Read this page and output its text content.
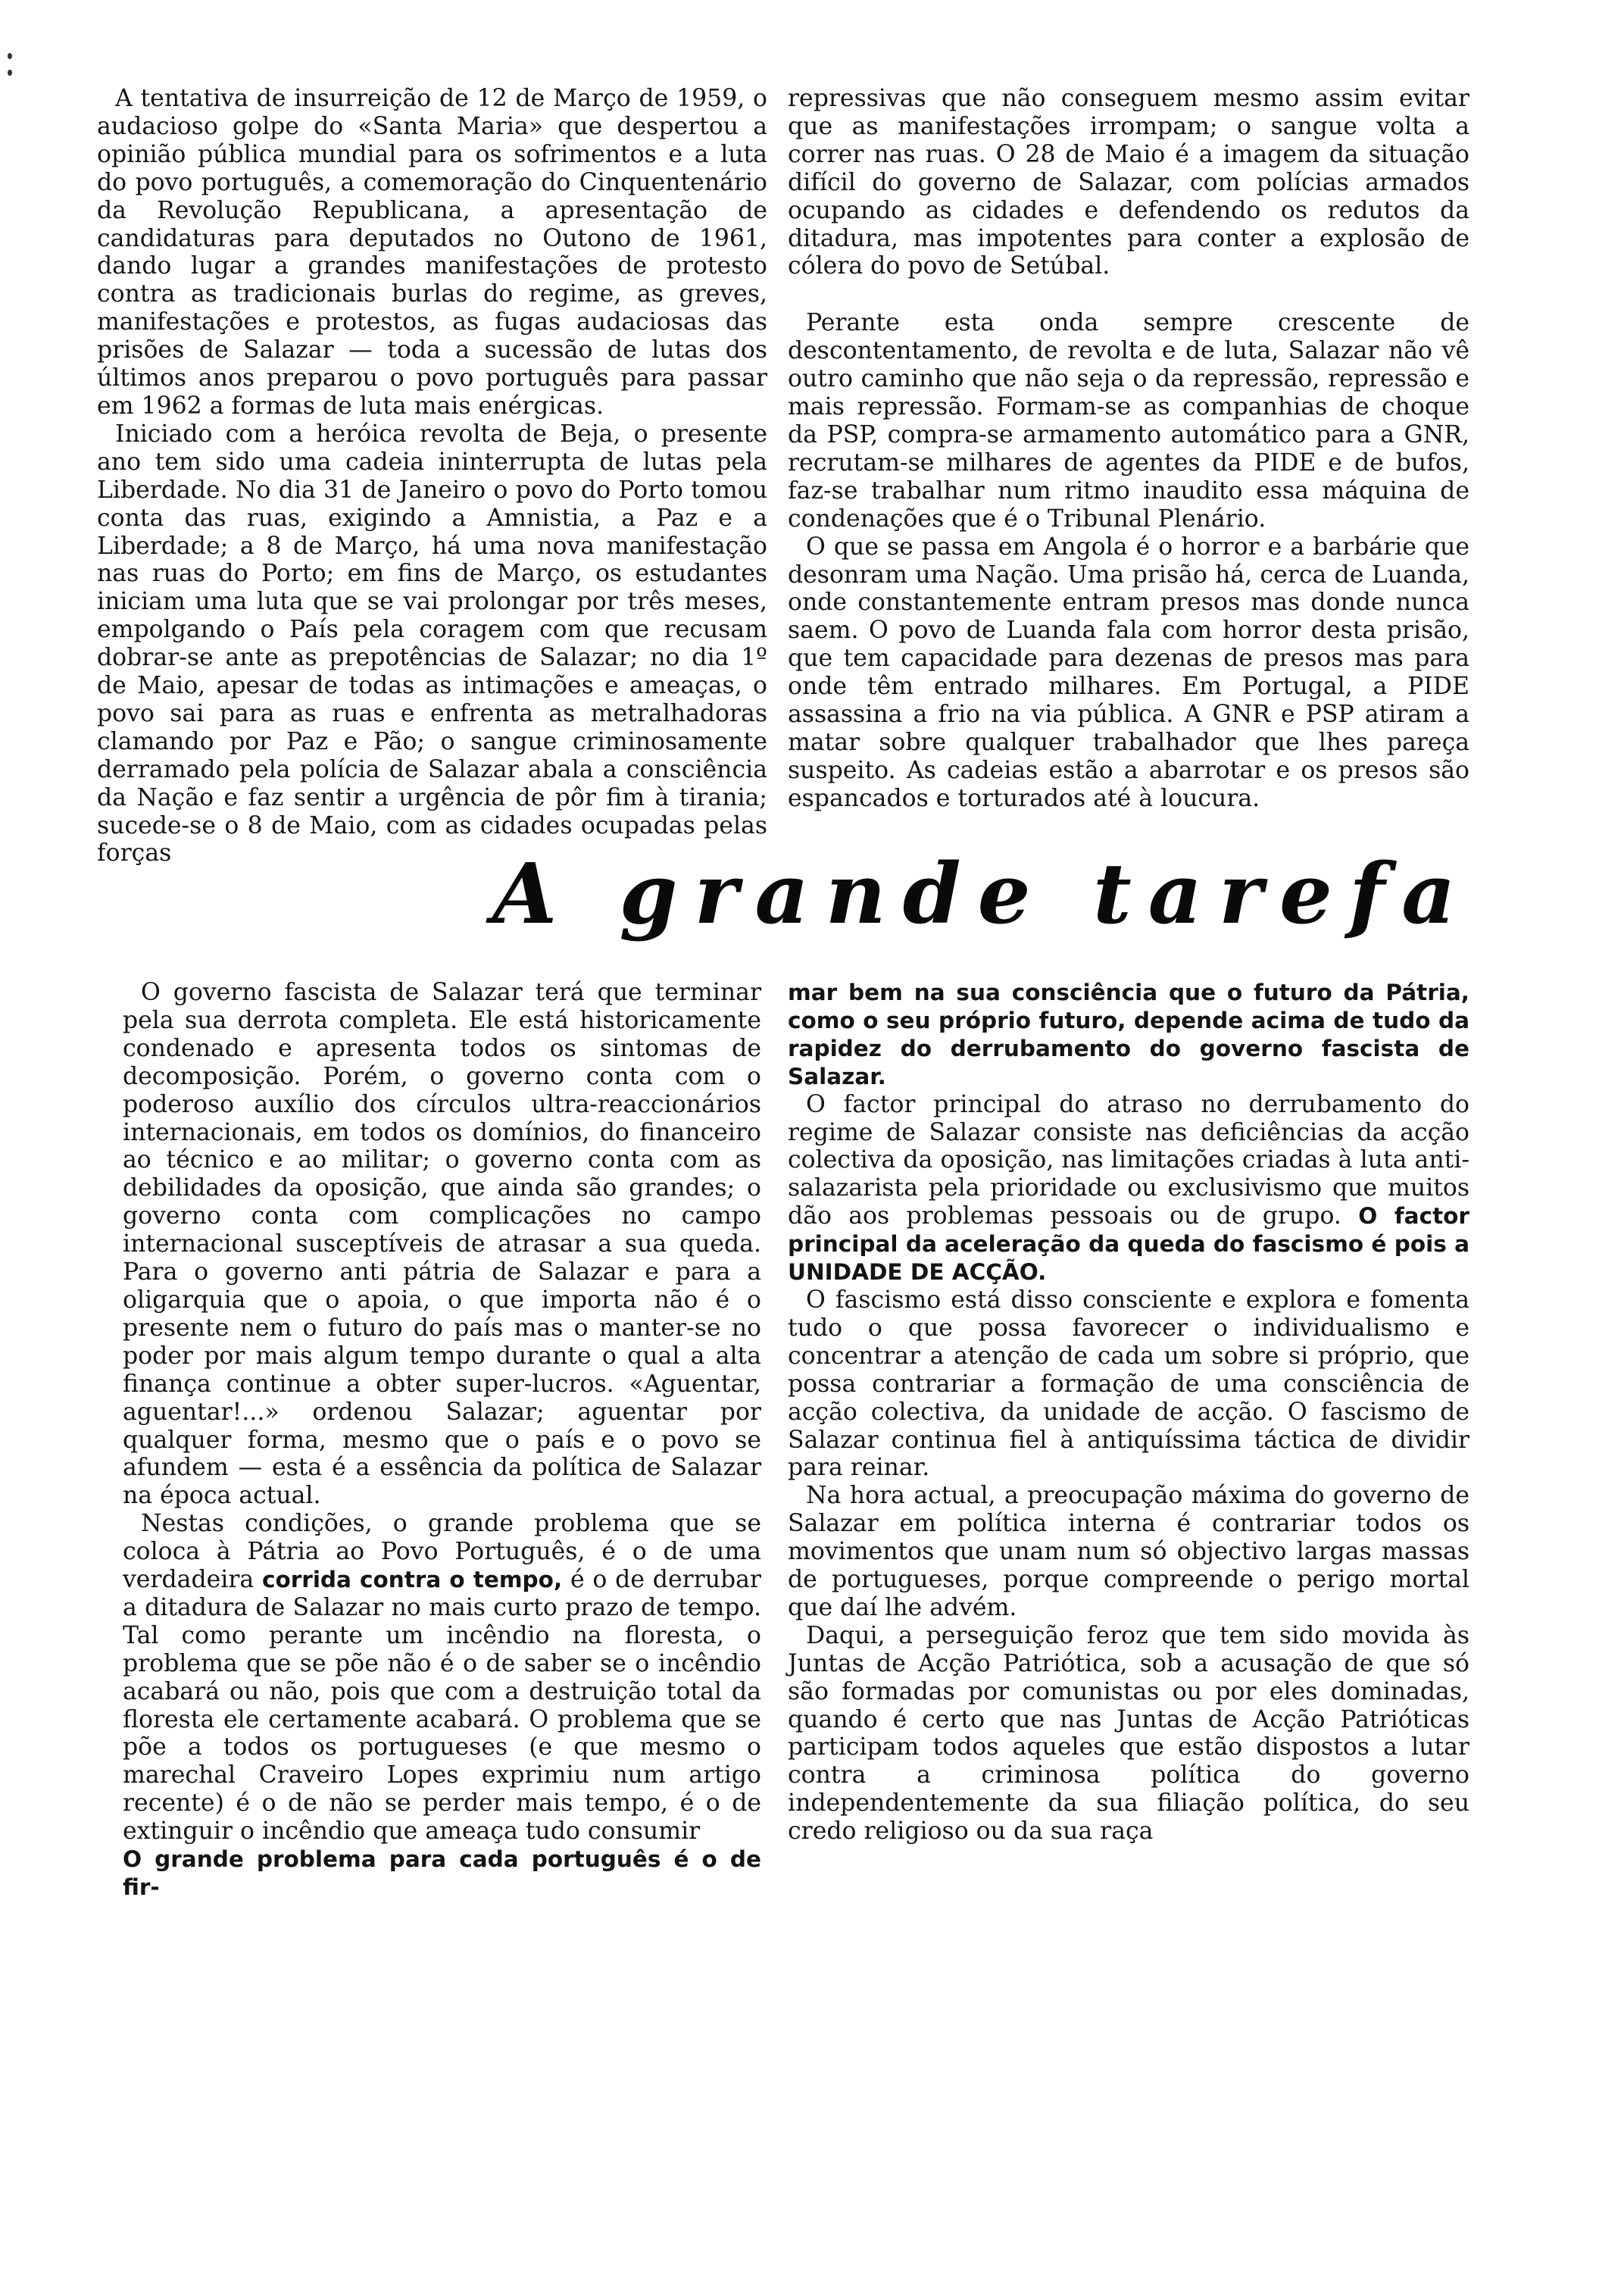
A tentativa de insurreição de 12 de Março de 1959, o audacioso golpe do «Santa Maria» que despertou a opinião pública mundial para os sofrimentos e a luta do povo português, a comemoração do Cinquentenário da Revolução Republicana, a apresentação de candidaturas para deputados no Outono de 1961, dando lugar a grandes manifestações de protesto contra as tradicionais burlas do regime, as greves, manifestações e protestos, as fugas audaciosas das prisões de Salazar — toda a sucessão de lutas dos últimos anos preparou o povo português para passar em 1962 a formas de luta mais enérgicas.

Iniciado com a heróica revolta de Beja, o presente ano tem sido uma cadeia ininterrupta de lutas pela Liberdade. No dia 31 de Janeiro o povo do Porto tomou conta das ruas, exigindo a Amnistia, a Paz e a Liberdade; a 8 de Março, há uma nova manifestação nas ruas do Porto; em fins de Março, os estudantes iniciam uma luta que se vai prolongar por três meses, empolgando o País pela coragem com que recusam dobrar-se ante as prepotências de Salazar; no dia 1º de Maio, apesar de todas as intimações e ameaças, o povo sai para as ruas e enfrenta as metralhadoras clamando por Paz e Pão; o sangue criminosamente derramado pela polícia de Salazar abala a consciência da Nação e faz sentir a urgência de pôr fim à tirania; sucede-se o 8 de Maio, com as cidades ocupadas pelas forças

repressivas que não conseguem mesmo assim evitar que as manifestações irrompam; o sangue volta a correr nas ruas. O 28 de Maio é a imagem da situação difícil do governo de Salazar, com polícias armados ocupando as cidades e defendendo os redutos da ditadura, mas impotentes para conter a explosão de cólera do povo de Setúbal.

Perante esta onda sempre crescente de descontentamento, de revolta e de luta, Salazar não vê outro caminho que não seja o da repressão, repressão e mais repressão. Formam-se as companhias de choque da PSP, compra-se armamento automático para a GNR, recrutam-se milhares de agentes da PIDE e de bufos, faz-se trabalhar num ritmo inaudito essa máquina de condenações que é o Tribunal Plenário.

O que se passa em Angola é o horror e a barbárie que desonram uma Nação. Uma prisão há, cerca de Luanda, onde constantemente entram presos mas donde nunca saem. O povo de Luanda fala com horror desta prisão, que tem capacidade para dezenas de presos mas para onde têm entrado milhares. Em Portugal, a PIDE assassina a frio na via pública. A GNR e PSP atiram a matar sobre qualquer trabalhador que lhes pareça suspeito. As cadeias estão a abarrotar e os presos são espancados e torturados até à loucura.

A grande tarefa

O governo fascista de Salazar terá que terminar pela sua derrota completa. Ele está historicamente condenado e apresenta todos os sintomas de decomposição. Porém, o governo conta com o poderoso auxílio dos círculos ultra-reaccionários internacionais, em todos os domínios, do financeiro ao técnico e ao militar; o governo conta com as debilidades da oposição, que ainda são grandes; o governo conta com complicações no campo internacional susceptíveis de atrasar a sua queda. Para o governo anti pátria de Salazar e para a oligarquia que o apoia, o que importa não é o presente nem o futuro do país mas o manter-se no poder por mais algum tempo durante o qual a alta finança continue a obter super-lucros. «Aguentar, aguentar!...» ordenou Salazar; aguentar por qualquer forma, mesmo que o país e o povo se afundem — esta é a essência da política de Salazar na época actual.

Nestas condições, o grande problema que se coloca à Pátria ao Povo Português, é o de uma verdadeira corrida contra o tempo, é o de derrubar a ditadura de Salazar no mais curto prazo de tempo. Tal como perante um incêndio na floresta, o problema que se põe não é o de saber se o incêndio acabará ou não, pois que com a destruição total da floresta ele certamente acabará. O problema que se põe a todos os portugueses (e que mesmo o marechal Craveiro Lopes exprimiu num artigo recente) é o de não se perder mais tempo, é o de extinguir o incêndio que ameaça tudo consumir

O grande problema para cada português é o de fir-

mar bem na sua consciência que o futuro da Pátria, como o seu próprio futuro, depende acima de tudo da rapidez do derrubamento do governo fascista de Salazar.

O factor principal do atraso no derrubamento do regime de Salazar consiste nas deficiências da acção colectiva da oposição, nas limitações criadas à luta anti-salazarista pela prioridade ou exclusivismo que muitos dão aos problemas pessoais ou de grupo. O factor principal da aceleração da queda do fascismo é pois a UNIDADE DE ACÇÃO.

O fascismo está disso consciente e explora e fomenta tudo o que possa favorecer o individualismo e concentrar a atenção de cada um sobre si próprio, que possa contrariar a formação de uma consciência de acção colectiva, da unidade de acção. O fascismo de Salazar continua fiel à antiquíssima táctica de dividir para reinar.

Na hora actual, a preocupação máxima do governo de Salazar em política interna é contrariar todos os movimentos que unam num só objectivo largas massas de portugueses, porque compreende o perigo mortal que daí lhe advém.

Daqui, a perseguição feroz que tem sido movida às Juntas de Acção Patriótica, sob a acusação de que só são formadas por comunistas ou por eles dominadas, quando é certo que nas Juntas de Acção Patrióticas participam todos aqueles que estão dispostos a lutar contra a criminosa política do governo independentemente da sua filiação política, do seu credo religioso ou da sua raça
